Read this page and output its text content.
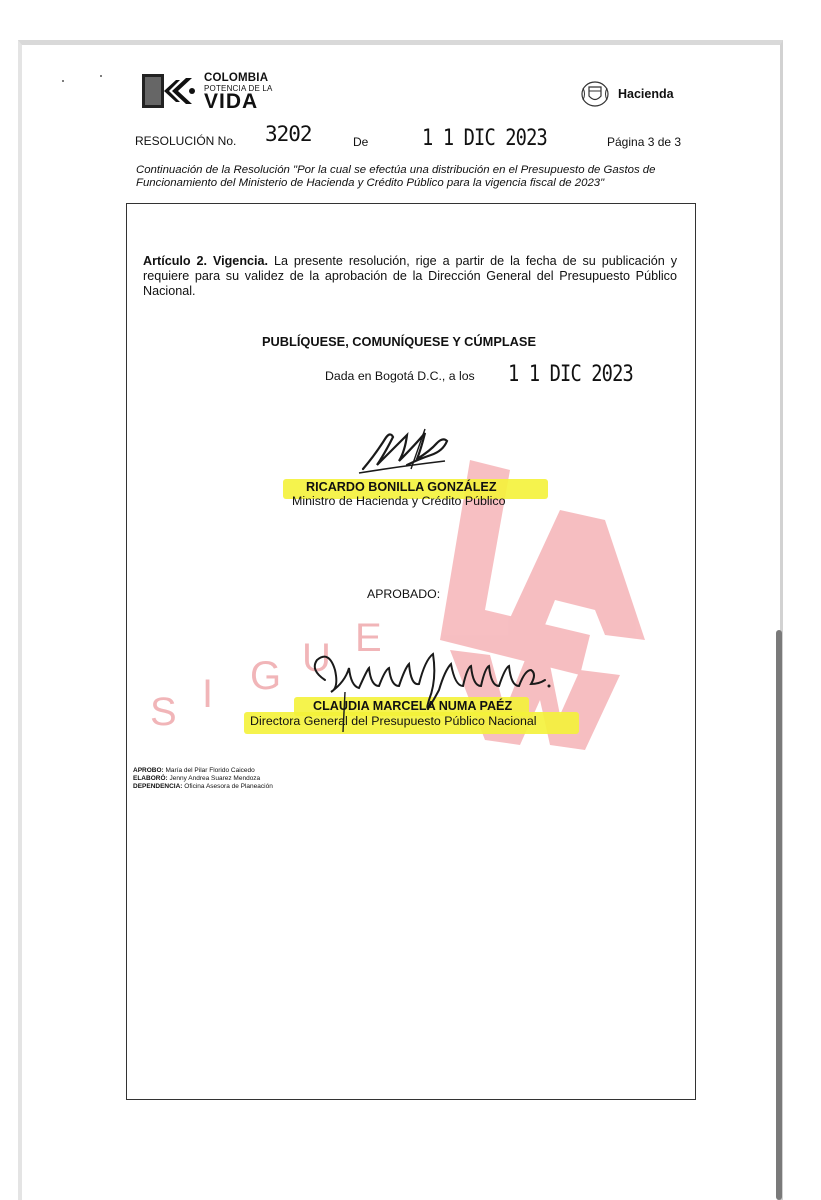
COLOMBIA
POTENCIA DE LA
VIDA	Hacienda
RESOLUCIÓN No. 3202	De 1 1 DIC 2023	Página 3 de 3
Continuación de la Resolución "Por la cual se efectúa una distribución en el Presupuesto de Gastos de Funcionamiento del Ministerio de Hacienda y Crédito Público para la vigencia fiscal de 2023"
Artículo 2. Vigencia. La presente resolución, rige a partir de la fecha de su publicación y requiere para su validez de la aprobación de la Dirección General del Presupuesto Público Nacional.
PUBLÍQUESE, COMUNÍQUESE Y CÚMPLASE
Dada en Bogotá D.C., a los 1 1 DIC 2023
S I G U E
RICARDO BONILLA GONZÁLEZ
Ministro de Hacienda y Crédito Público
APROBADO:
CLAUDIA MARCELA NUMA PAÉZ
Directora General del Presupuesto Público Nacional
APROBO: María del Pilar Florido Caicedo
ELABORÓ: Jenny Andrea Suarez Mendoza
DEPENDENCIA: Oficina Asesora de Planeación
